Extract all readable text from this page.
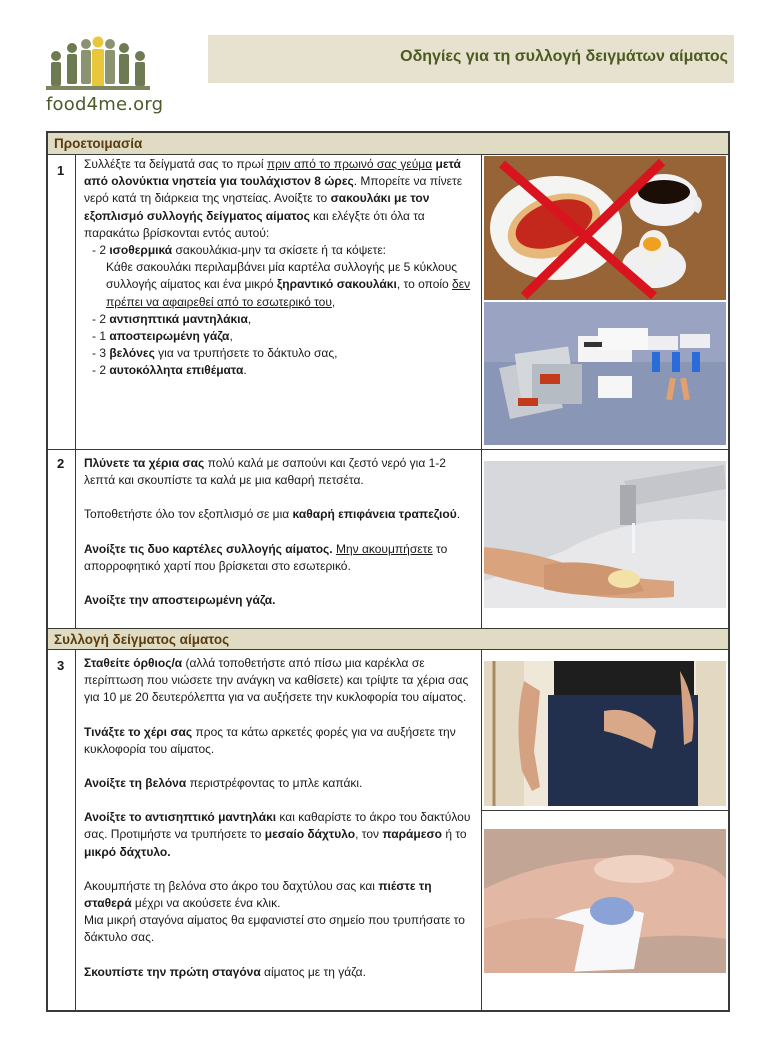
food4me.org
Οδηγίες για τη συλλογή δειγμάτων αίματος
Προετοιμασία
1 Συλλέξτε τα δείγματά σας το πρωί πριν από το πρωινό σας γεύμα μετά από ολονύκτια νηστεία για τουλάχιστον 8 ώρες. Μπορείτε να πίνετε νερό κατά τη διάρκεια της νηστείας. Ανοίξτε το σακουλάκι με τον εξοπλισμό συλλογής δείγματος αίματος και ελέγξτε ότι όλα τα παρακάτω βρίσκονται εντός αυτού:
- 2 ισοθερμικά σακουλάκια-μην τα σκίσετε ή τα κόψετε:
Κάθε σακουλάκι περιλαμβάνει μία καρτέλα συλλογής με 5 κύκλους συλλογής αίματος και ένα μικρό ξηραντικό σακουλάκι, το οποίο δεν πρέπει να αφαιρεθεί από το εσωτερικό του,
- 2 αντισηπτικά μαντηλάκια,
- 1 αποστειρωμένη γάζα,
- 3 βελόνες για να τρυπήσετε το δάκτυλο σας,
- 2 αυτοκόλλητα επιθέματα.
2 Πλύνετε τα χέρια σας πολύ καλά με σαπούνι και ζεστό νερό για 1-2 λεπτά και σκουπίστε τα καλά με μια καθαρή πετσέτα.

Τοποθετήστε όλο τον εξοπλισμό σε μια καθαρή επιφάνεια τραπεζιού.

Ανοίξτε τις δυο καρτέλες συλλογής αίματος. Μην ακουμπήσετε το απορροφητικό χαρτί που βρίσκεται στο εσωτερικό.

Ανοίξτε την αποστειρωμένη γάζα.

Συλλογή δείγματος αίματος
3 Σταθείτε όρθιος/α (αλλά τοποθετήστε από πίσω μια καρέκλα σε περίπτωση που νιώσετε την ανάγκη να καθίσετε) και τρίψτε τα χέρια σας για 10 με 20 δευτερόλεπτα για να αυξήσετε την κυκλοφορία του αίματος.

Τινάξτε το χέρι σας προς τα κάτω αρκετές φορές για να αυξήσετε την κυκλοφορία του αίματος.

Ανοίξτε τη βελόνα περιστρέφοντας το μπλε καπάκι.

Ανοίξτε το αντισηπτικό μαντηλάκι και καθαρίστε το άκρο του δακτύλου σας. Προτιμήστε να τρυπήσετε το μεσαίο δάχτυλο, τον παράμεσο ή το μικρό δάχτυλο.

Ακουμπήστε τη βελόνα στο άκρο του δαχτύλου σας και πιέστε τη σταθερά μέχρι να ακούσετε ένα κλικ.
Μια μικρή σταγόνα αίματος θα εμφανιστεί στο σημείο που τρυπήσατε το δάκτυλο σας.

Σκουπίστε την πρώτη σταγόνα αίματος με τη γάζα.
